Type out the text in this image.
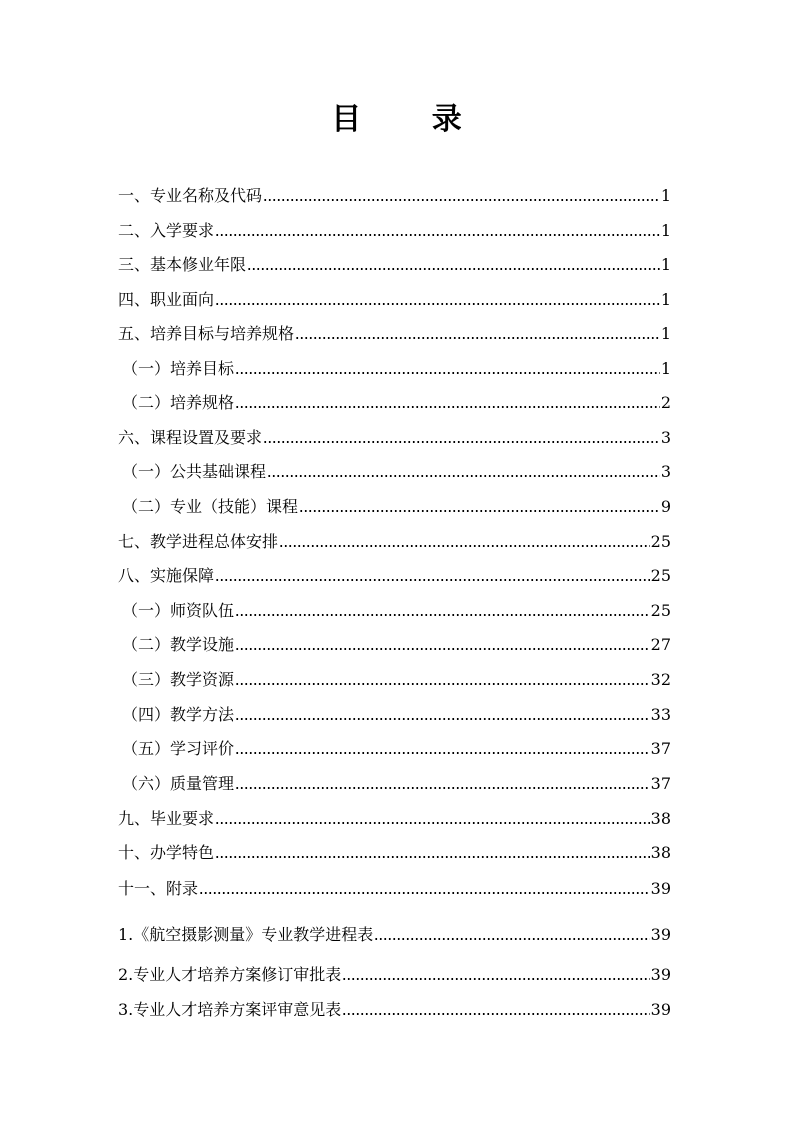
目 录
一、专业名称及代码	1
二、入学要求	1
三、基本修业年限	1
四、职业面向	1
五、培养目标与培养规格	1
（一）培养目标	1
（二）培养规格	2
六、课程设置及要求	3
（一）公共基础课程	3
（二）专业（技能）课程	9
七、教学进程总体安排	25
八、实施保障	25
（一）师资队伍	25
（二）教学设施	27
（三）教学资源	32
（四）教学方法	33
（五）学习评价	37
（六）质量管理	37
九、毕业要求	38
十、办学特色	38
十一、附录	39
1.《航空摄影测量》专业教学进程表	39
2.专业人才培养方案修订审批表	39
3.专业人才培养方案评审意见表	39
